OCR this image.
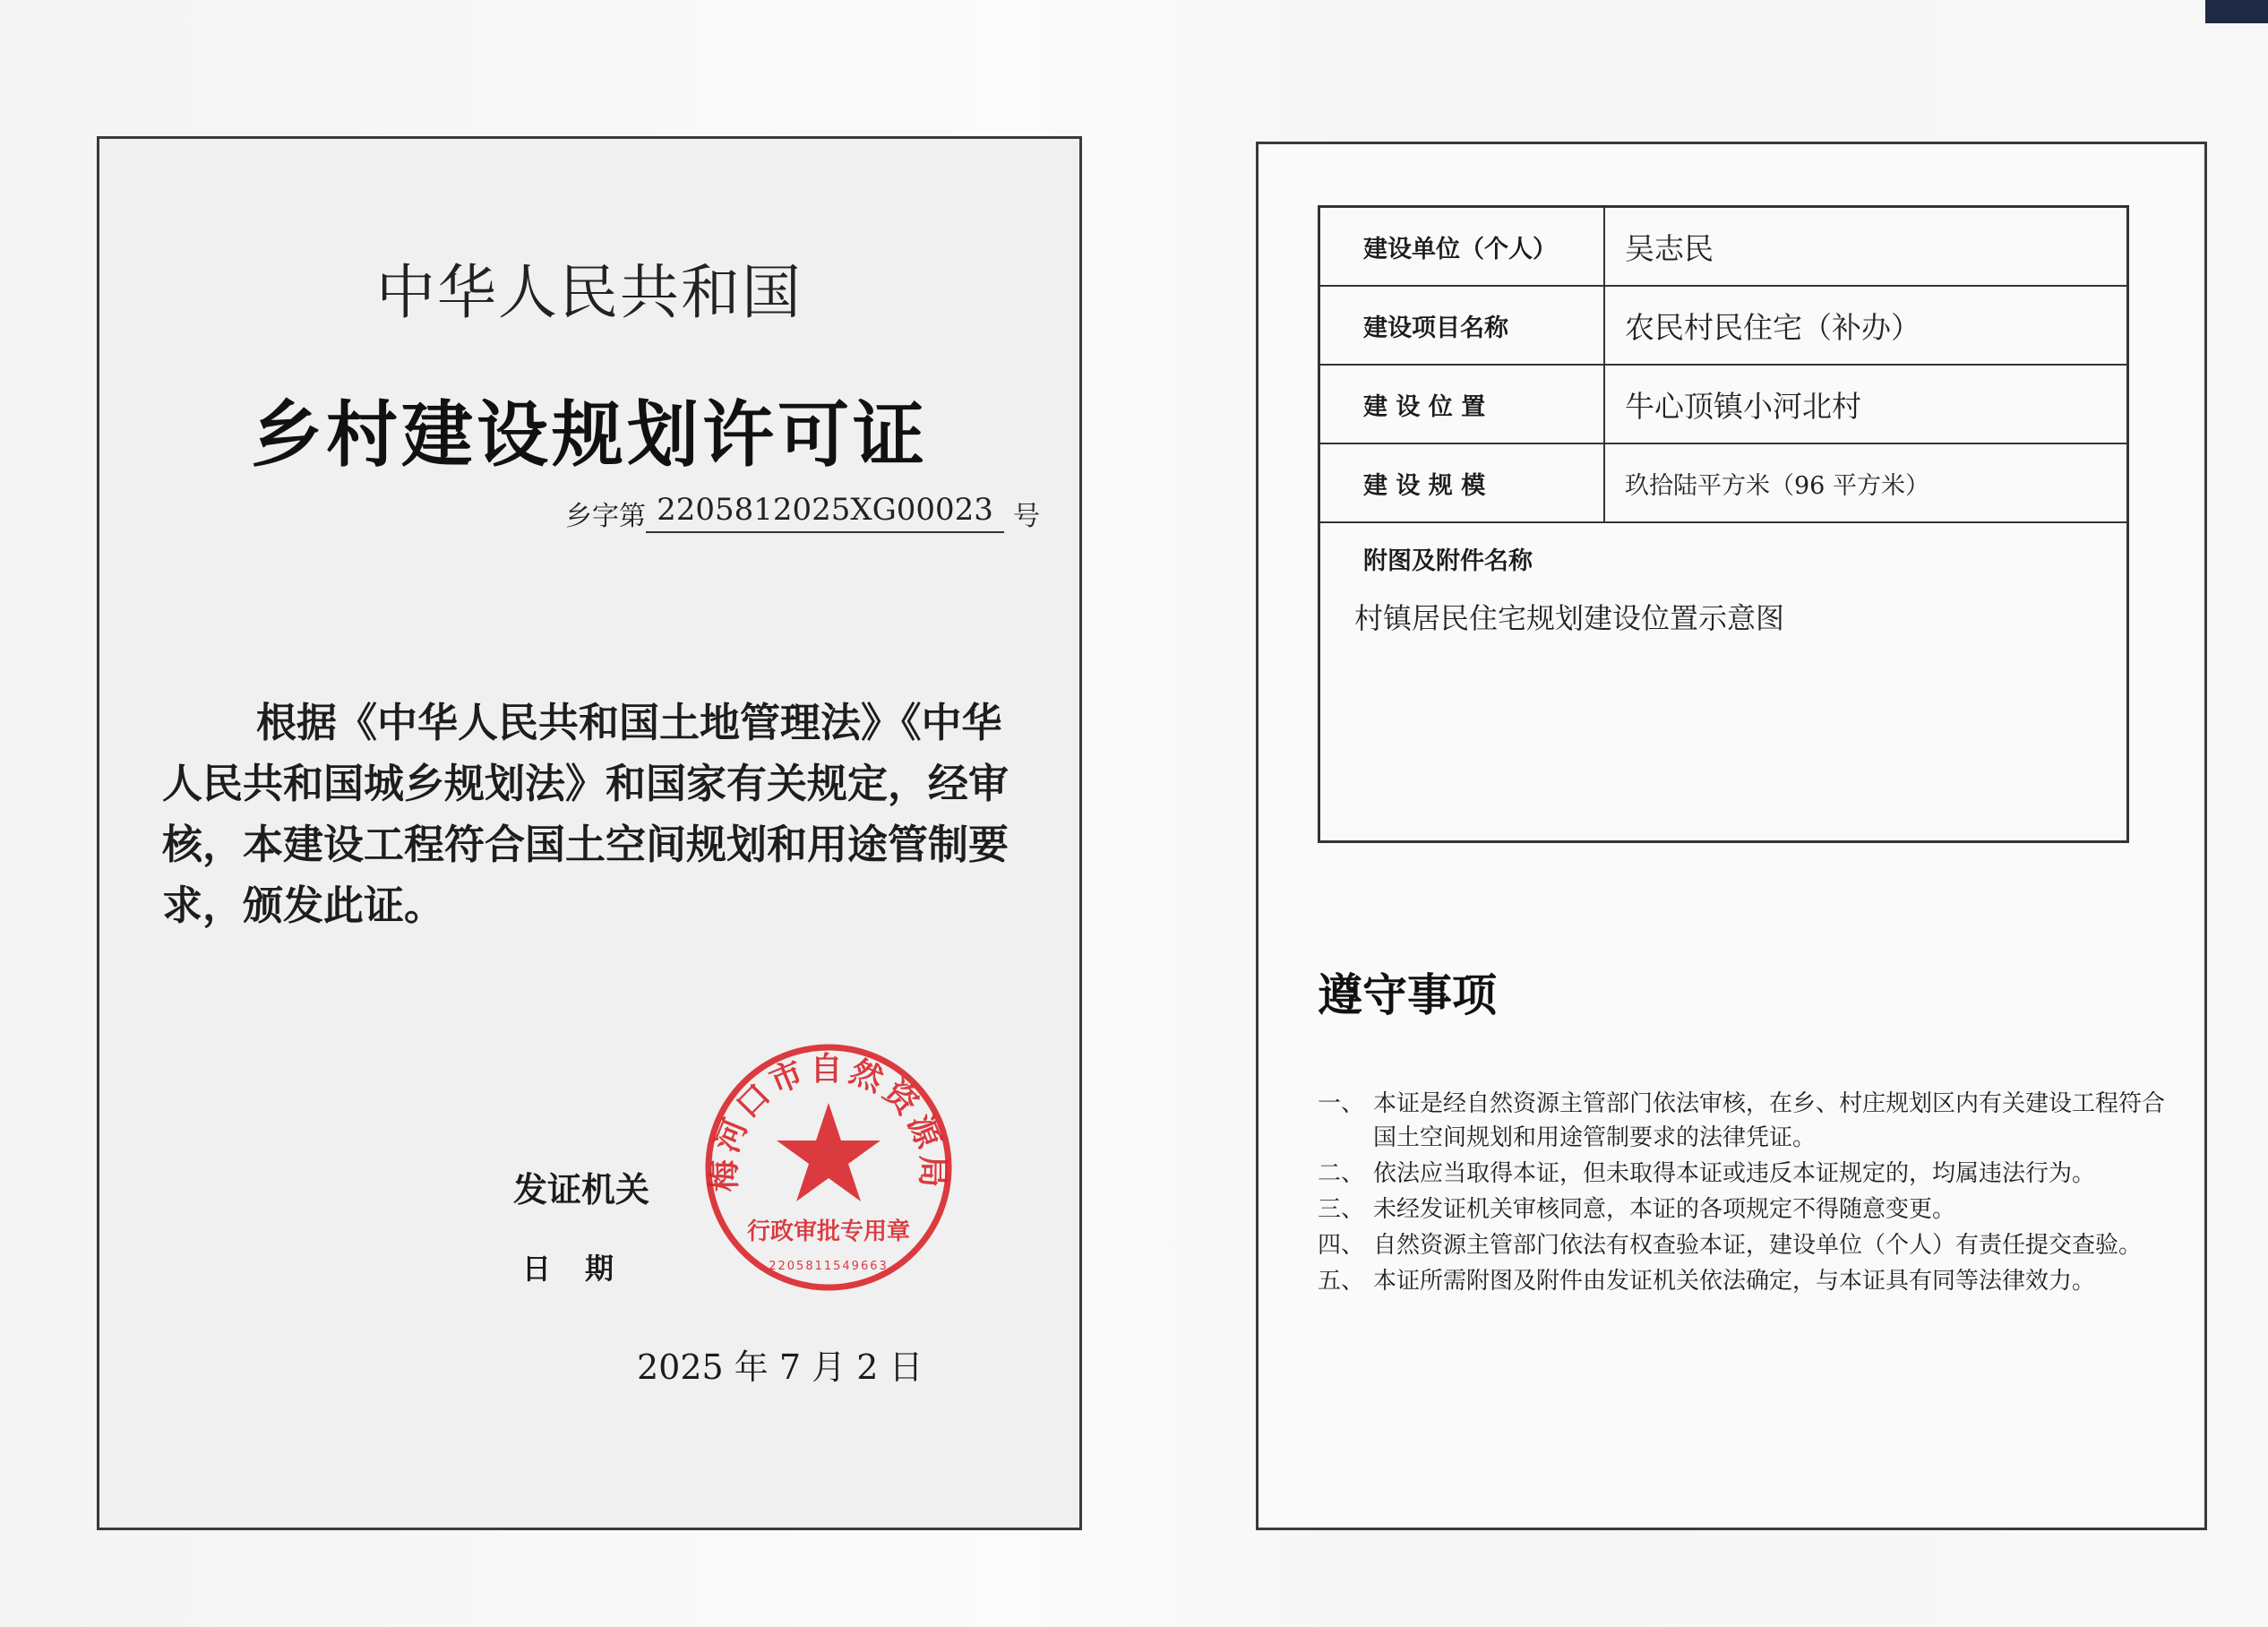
中华人民共和国
乡村建设规划许可证
乡字第 2205812025XG00023 号
根据《中华人民共和国土地管理法》《中华人民共和国城乡规划法》和国家有关规定，经审核，本建设工程符合国土空间规划和用途管制要求，颁发此证。
发证机关
日期
2025 年 7 月 2 日
梅河口市自然资源局
行政审批专用章
2205811549663
建设单位（个人）	吴志民
建设项目名称	农民村民住宅（补办）
建 设 位 置	牛心顶镇小河北村
建 设 规 模	玖拾陆平方米（96 平方米）
附图及附件名称
村镇居民住宅规划建设位置示意图
遵守事项
一、 本证是经自然资源主管部门依法审核，在乡、村庄规划区内有关建设工程符合国土空间规划和用途管制要求的法律凭证。
二、 依法应当取得本证，但未取得本证或违反本证规定的，均属违法行为。
三、 未经发证机关审核同意，本证的各项规定不得随意变更。
四、 自然资源主管部门依法有权查验本证，建设单位（个人）有责任提交查验。
五、 本证所需附图及附件由发证机关依法确定，与本证具有同等法律效力。
